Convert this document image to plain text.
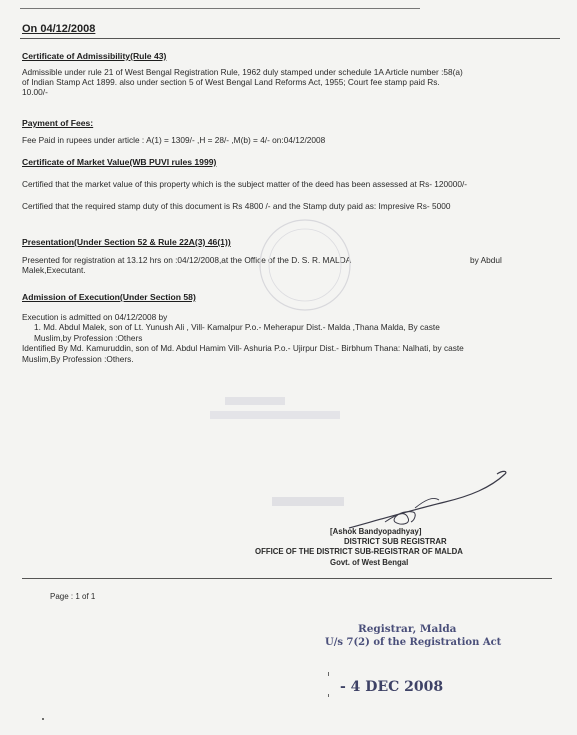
On 04/12/2008
Certificate of Admissibility(Rule 43)
Admissible under rule 21 of West Bengal Registration Rule, 1962 duly stamped under schedule 1A Article number :58(a)
of Indian Stamp Act 1899. also under section 5 of West Bengal Land Reforms Act, 1955; Court fee stamp paid Rs.
10.00/-
Payment of Fees:
Fee Paid in rupees under article : A(1) = 1309/- ,H = 28/- ,M(b) = 4/- on:04/12/2008
Certificate of Market Value(WB PUVI rules 1999)
Certified that the market value of this property which is the subject matter of the deed has been assessed at Rs- 120000/-
Certified that the required stamp duty of this document is Rs 4800 /- and the Stamp duty paid as: Impresive Rs- 5000
Presentation(Under Section 52 & Rule 22A(3) 46(1))
Presented for registration at 13.12 hrs on :04/12/2008,at the Office of the D. S. R. MALDA	by Abdul
Malek,Executant.
Admission of Execution(Under Section 58)
Execution is admitted on 04/12/2008 by
1. Md. Abdul Malek, son of Lt. Yunush Ali , Vill- Kamalpur P.o.- Meherapur Dist.- Malda ,Thana Malda, By caste
Muslim,by Profession :Others
Identified By Md. Kamuruddin, son of Md. Abdul Hamim Vill- Ashuria P.o.- Ujirpur Dist.- Birbhum Thana: Nalhati, by caste
Muslim,By Profession :Others.
[Ashok Bandyopadhyay]
DISTRICT SUB REGISTRAR
OFFICE OF THE DISTRICT SUB-REGISTRAR OF MALDA
Govt. of West Bengal
Page : 1 of 1
Registrar, Malda
U/s 7(2) of the Registration Act
- 4 DEC 2008
